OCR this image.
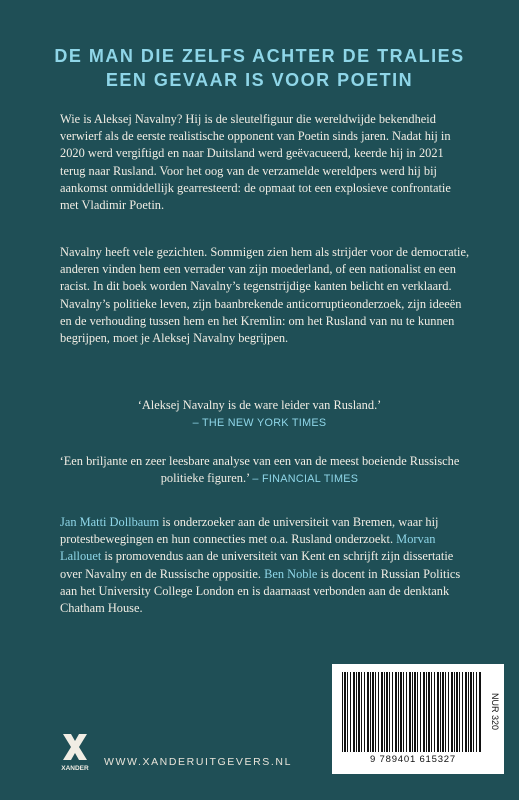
DE MAN DIE ZELFS ACHTER DE TRALIES
EEN GEVAAR IS VOOR POETIN

Wie is Aleksej Navalny? Hij is de sleutelfiguur die wereldwijde bekendheid verwierf als de eerste realistische opponent van Poetin sinds jaren. Nadat hij in 2020 werd vergiftigd en naar Duitsland werd geëvacueerd, keerde hij in 2021 terug naar Rusland. Voor het oog van de verzamelde wereldpers werd hij bij aankomst onmiddellijk gearresteerd: de opmaat tot een explosieve confrontatie met Vladimir Poetin.

Navalny heeft vele gezichten. Sommigen zien hem als strijder voor de democratie, anderen vinden hem een verrader van zijn moederland, of een nationalist en een racist. In dit boek worden Navalny’s tegenstrijdige kanten belicht en verklaard. Navalny’s politieke leven, zijn baanbrekende anticorruptieonderzoek, zijn ideeën en de verhouding tussen hem en het Kremlin: om het Rusland van nu te kunnen begrijpen, moet je Aleksej Navalny begrijpen.

‘Aleksej Navalny is de ware leider van Rusland.’
– THE NEW YORK TIMES

‘Een briljante en zeer leesbare analyse van een van de meest boeiende Russische politieke figuren.’ – FINANCIAL TIMES

Jan Matti Dollbaum is onderzoeker aan de universiteit van Bremen, waar hij protestbewegingen en hun connecties met o.a. Rusland onderzoekt. Morvan Lallouet is promovendus aan de universiteit van Kent en schrijft zijn dissertatie over Navalny en de Russische oppositie. Ben Noble is docent in Russian Politics aan het University College London en is daarnaast verbonden aan de denktank Chatham House.

NUR 320
9 789401 615327
XANDER
WWW.XANDERUITGEVERS.NL
